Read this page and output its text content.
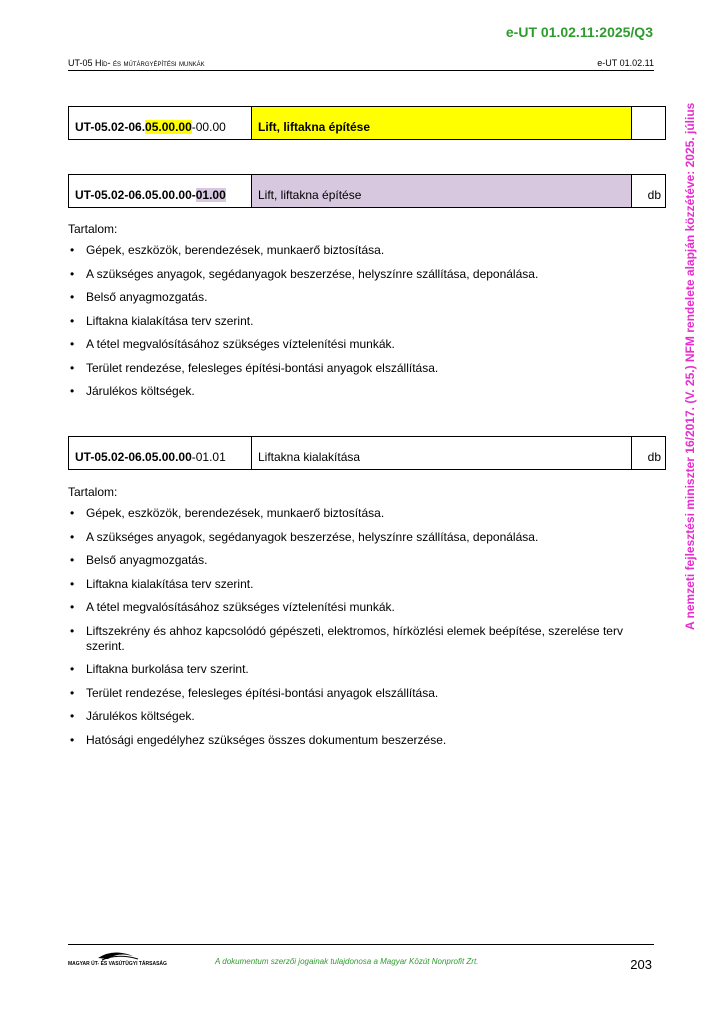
e-UT 01.02.11:2025/Q3
UT-05 Híd- és műtárgyépítési munkák	e-UT 01.02.11
A nemzeti fejlesztési miniszter 16/2017. (V. 25.) NFM rendelete alapján közzétéve: 2025. július
UT-05.02-06. 05.00.00 -00.00	Lift, liftakna építése
UT-05.02-06.05.00.00- 01.00	Lift, liftakna építése	db

Tartalom:

• Gépek, eszközök, berendezések, munkaerő biztosítása.
• A szükséges anyagok, segédanyagok beszerzése, helyszínre szállítása, deponálása.
• Belső anyagmozgatás.
• Liftakna kialakítása terv szerint.
• A tétel megvalósításához szükséges víztelenítési munkák.
• Terület rendezése, felesleges építési-bontási anyagok elszállítása.
• Járulékos költségek.
UT-05.02-06.05.00.00 -01.01	Liftakna kialakítása	db

Tartalom:

• Gépek, eszközök, berendezések, munkaerő biztosítása.
• A szükséges anyagok, segédanyagok beszerzése, helyszínre szállítása, deponálása.
• Belső anyagmozgatás.
• Liftakna kialakítása terv szerint.
• A tétel megvalósításához szükséges víztelenítési munkák.
• Liftszekrény és ahhoz kapcsolódó gépészeti, elektromos, hírközlési elemek beépítése, szerelése terv szerint.
• Liftakna burkolása terv szerint.
• Terület rendezése, felesleges építési-bontási anyagok elszállítása.
• Járulékos költségek.
• Hatósági engedélyhez szükséges összes dokumentum beszerzése.
MAGYAR ÚT- ÉS VASÚTÜGYI TÁRSASÁG	A dokumentum szerzői jogainak tulajdonosa a Magyar Közút Nonprofit Zrt.	203
